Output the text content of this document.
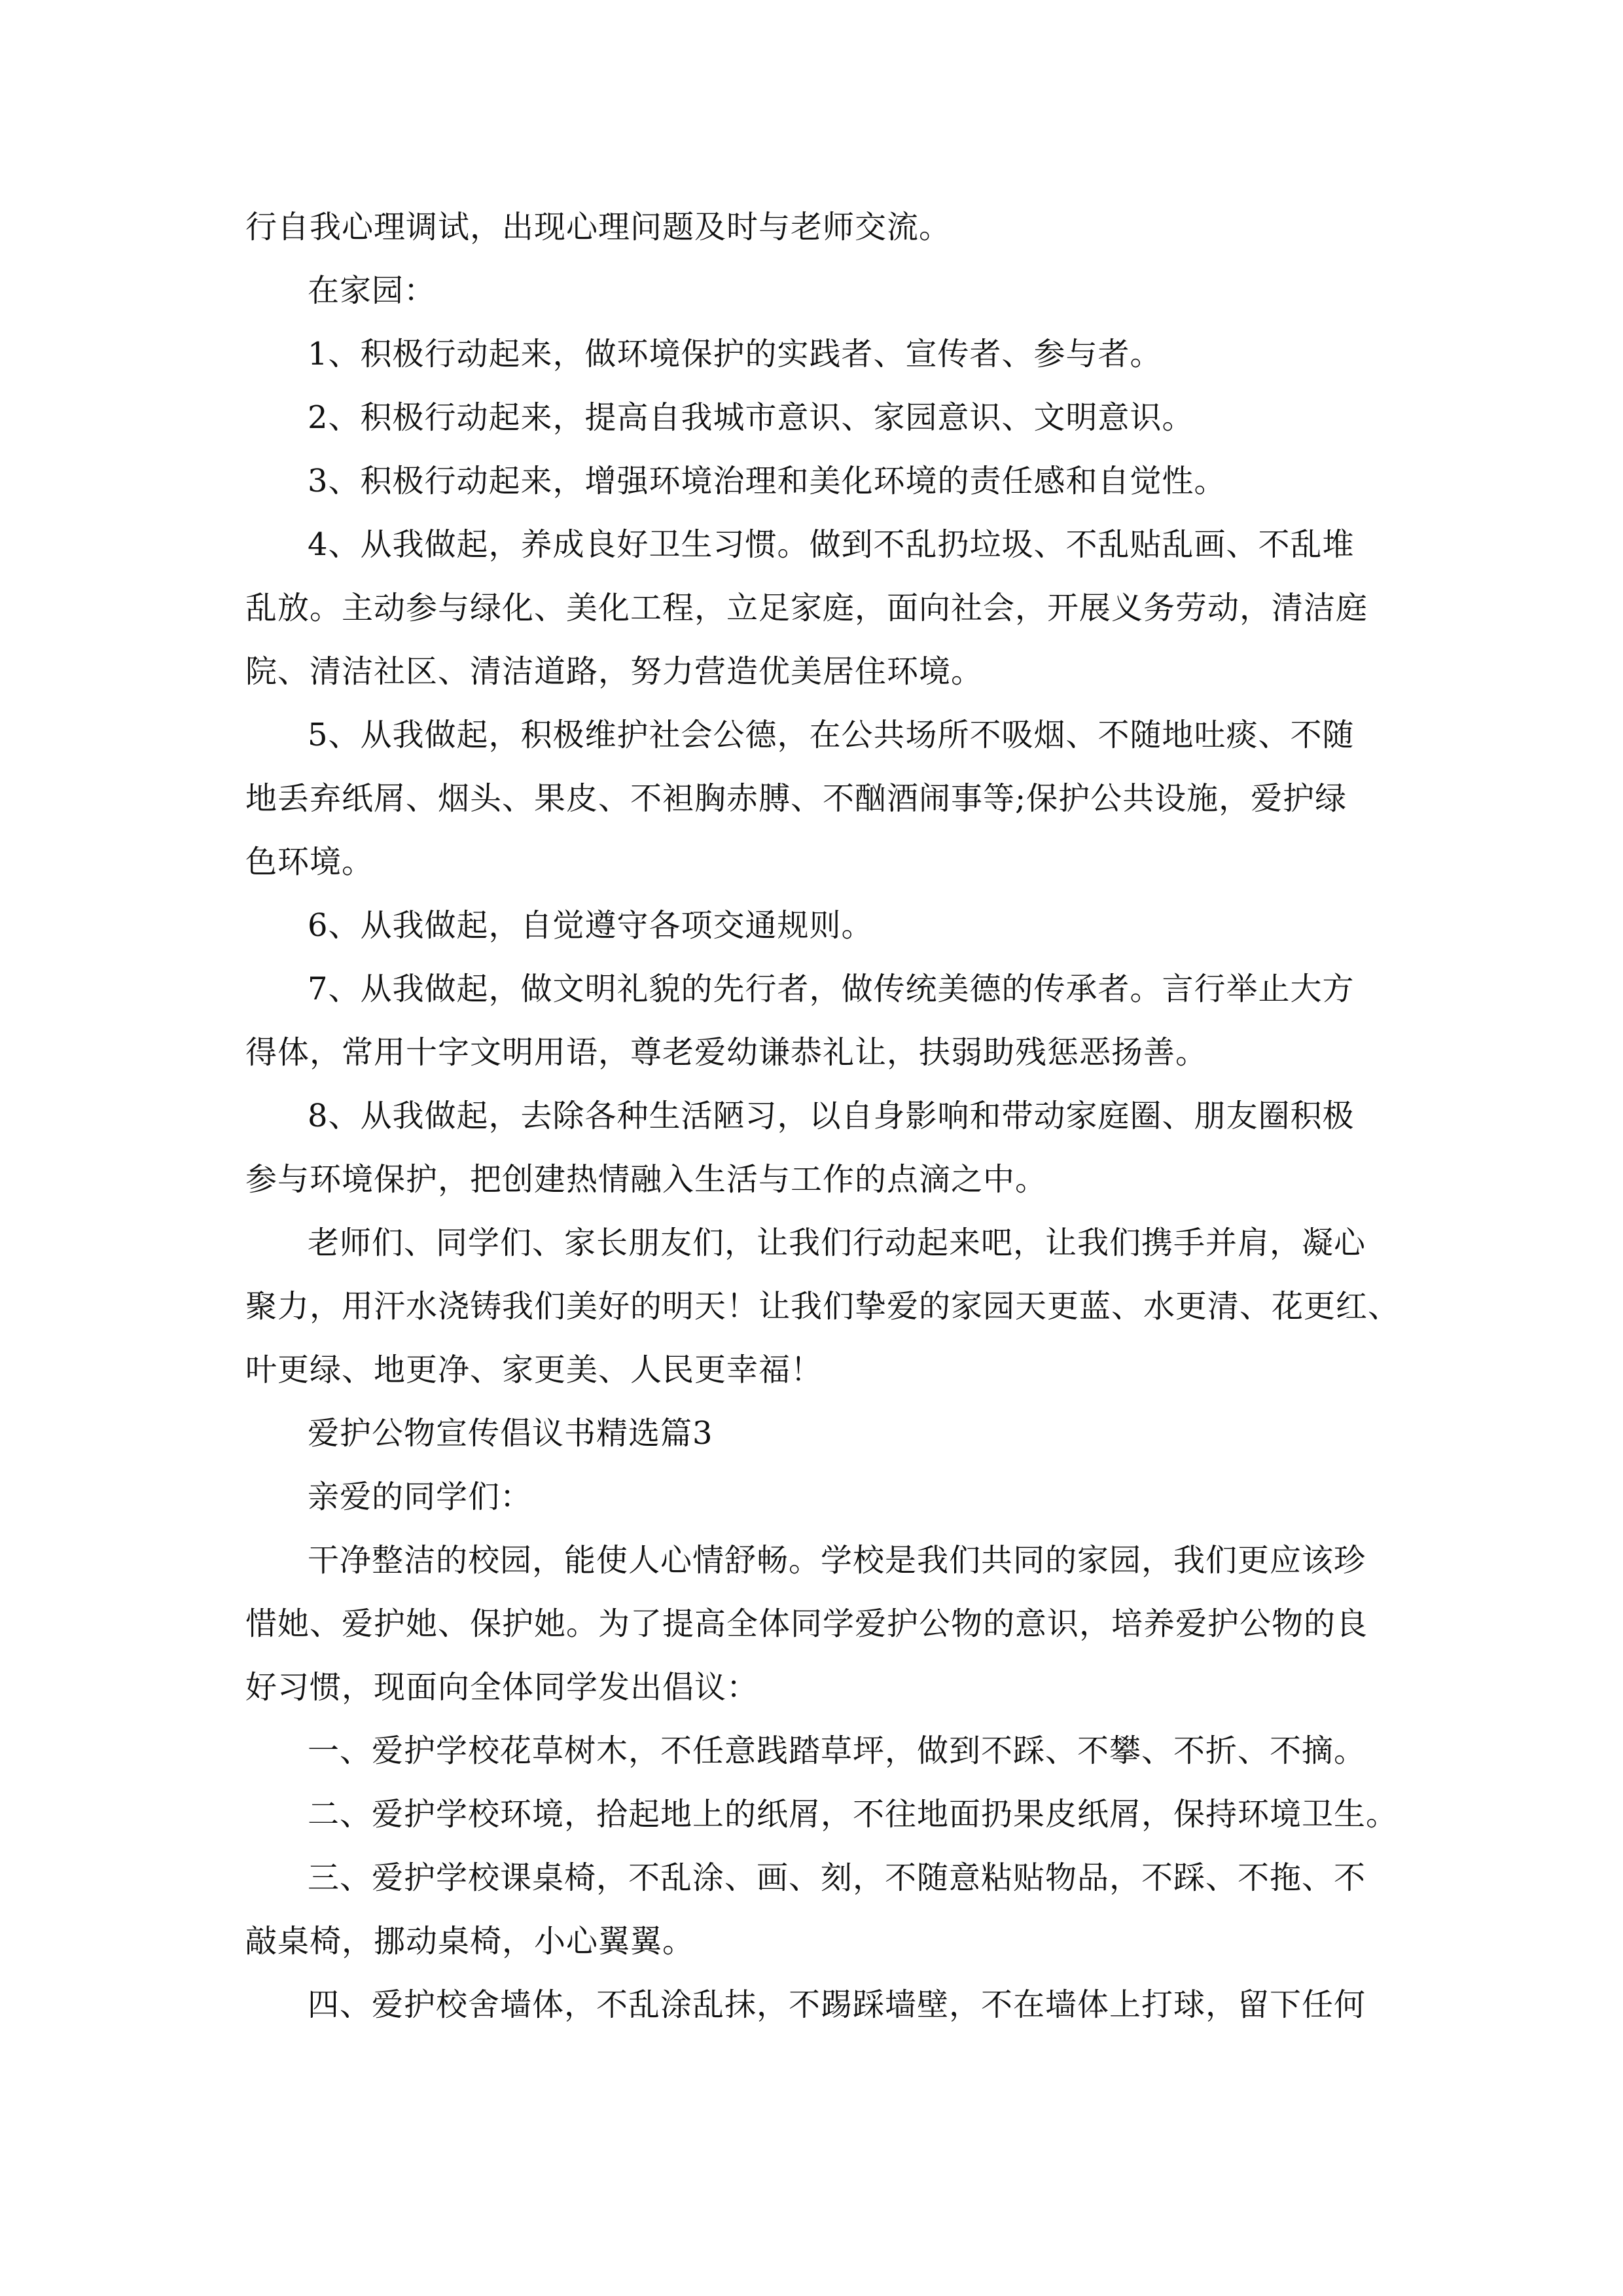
行自我心理调试，出现心理问题及时与老师交流。
在家园：
1、积极行动起来，做环境保护的实践者、宣传者、参与者。
2、积极行动起来，提高自我城市意识、家园意识、文明意识。
3、积极行动起来，增强环境治理和美化环境的责任感和自觉性。
4、从我做起，养成良好卫生习惯。做到不乱扔垃圾、不乱贴乱画、不乱堆
乱放。主动参与绿化、美化工程，立足家庭，面向社会，开展义务劳动，清洁庭
院、清洁社区、清洁道路，努力营造优美居住环境。
5、从我做起，积极维护社会公德，在公共场所不吸烟、不随地吐痰、不随
地丢弃纸屑、烟头、果皮、不袒胸赤膊、不酗酒闹事等;保护公共设施，爱护绿
色环境。
6、从我做起，自觉遵守各项交通规则。
7、从我做起，做文明礼貌的先行者，做传统美德的传承者。言行举止大方
得体，常用十字文明用语，尊老爱幼谦恭礼让，扶弱助残惩恶扬善。
8、从我做起，去除各种生活陋习，以自身影响和带动家庭圈、朋友圈积极
参与环境保护，把创建热情融入生活与工作的点滴之中。
老师们、同学们、家长朋友们，让我们行动起来吧，让我们携手并肩，凝心
聚力，用汗水浇铸我们美好的明天！让我们挚爱的家园天更蓝、水更清、花更红、
叶更绿、地更净、家更美、人民更幸福！
爱护公物宣传倡议书精选篇3
亲爱的同学们：
干净整洁的校园，能使人心情舒畅。学校是我们共同的家园，我们更应该珍
惜她、爱护她、保护她。为了提高全体同学爱护公物的意识，培养爱护公物的良
好习惯，现面向全体同学发出倡议：
一、爱护学校花草树木，不任意践踏草坪，做到不踩、不攀、不折、不摘。
二、爱护学校环境，拾起地上的纸屑，不往地面扔果皮纸屑，保持环境卫生。
三、爱护学校课桌椅，不乱涂、画、刻，不随意粘贴物品，不踩、不拖、不
敲桌椅，挪动桌椅，小心翼翼。
四、爱护校舍墙体，不乱涂乱抹，不踢踩墙壁，不在墙体上打球，留下任何
